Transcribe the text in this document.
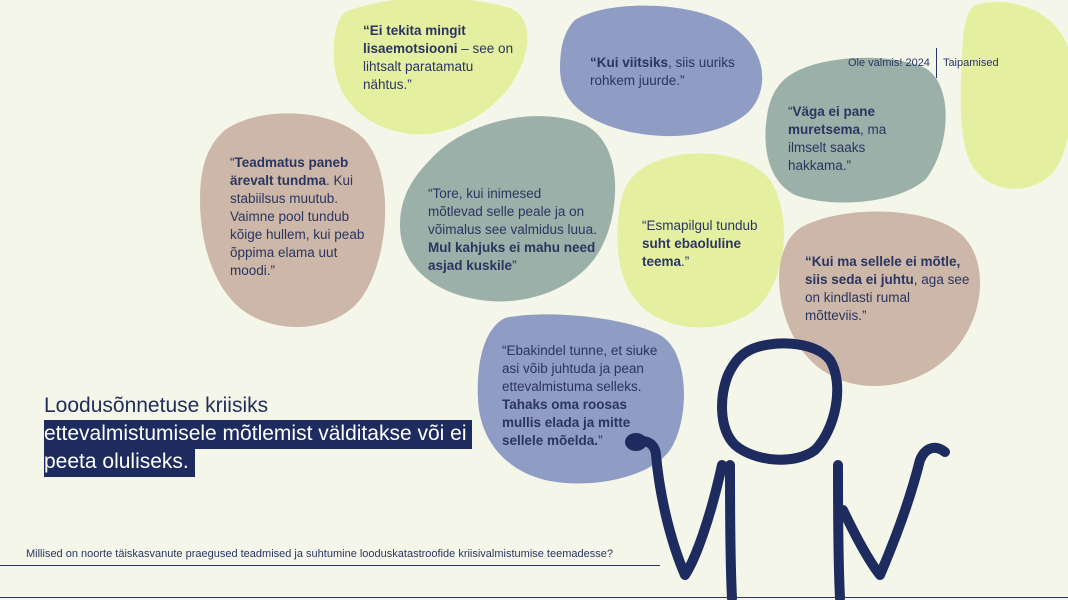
“Ei tekita mingit lisaemotsiooni – see on lihtsalt paratamatu nähtus.”
“Kui viitsiks, siis uuriks rohkem juurde.”
“Väga ei pane muretsema, ma ilmselt saaks hakkama.”
“Teadmatus paneb ärevalt tundma. Kui stabiilsus muutub. Vaimne pool tundub kõige hullem, kui peab õppima elama uut moodi.”
“Tore, kui inimesed mõtlevad selle peale ja on võimalus see valmidus luua. Mul kahjuks ei mahu need asjad kuskile”
“Esmapilgul tundub suht ebaoluline teema.”	“Kui ma sellele ei mõtle, siis seda ei juhtu, aga see on kindlasti rumal mõtteviis.”
“Ebakindel tunne, et siuke asi võib juhtuda ja pean ettevalmistuma selleks. Tahaks oma roosas mullis elada ja mitte sellele mõelda.”
Ole valmis! 2024 Taipamised
Loodusõnnetuse kriisiks
ettevalmistumisele mõtlemist välditakse või ei peeta oluliseks.
Millised on noorte täiskasvanute praegused teadmised ja suhtumine looduskatastroofide kriisivalmistumise teemadesse?
